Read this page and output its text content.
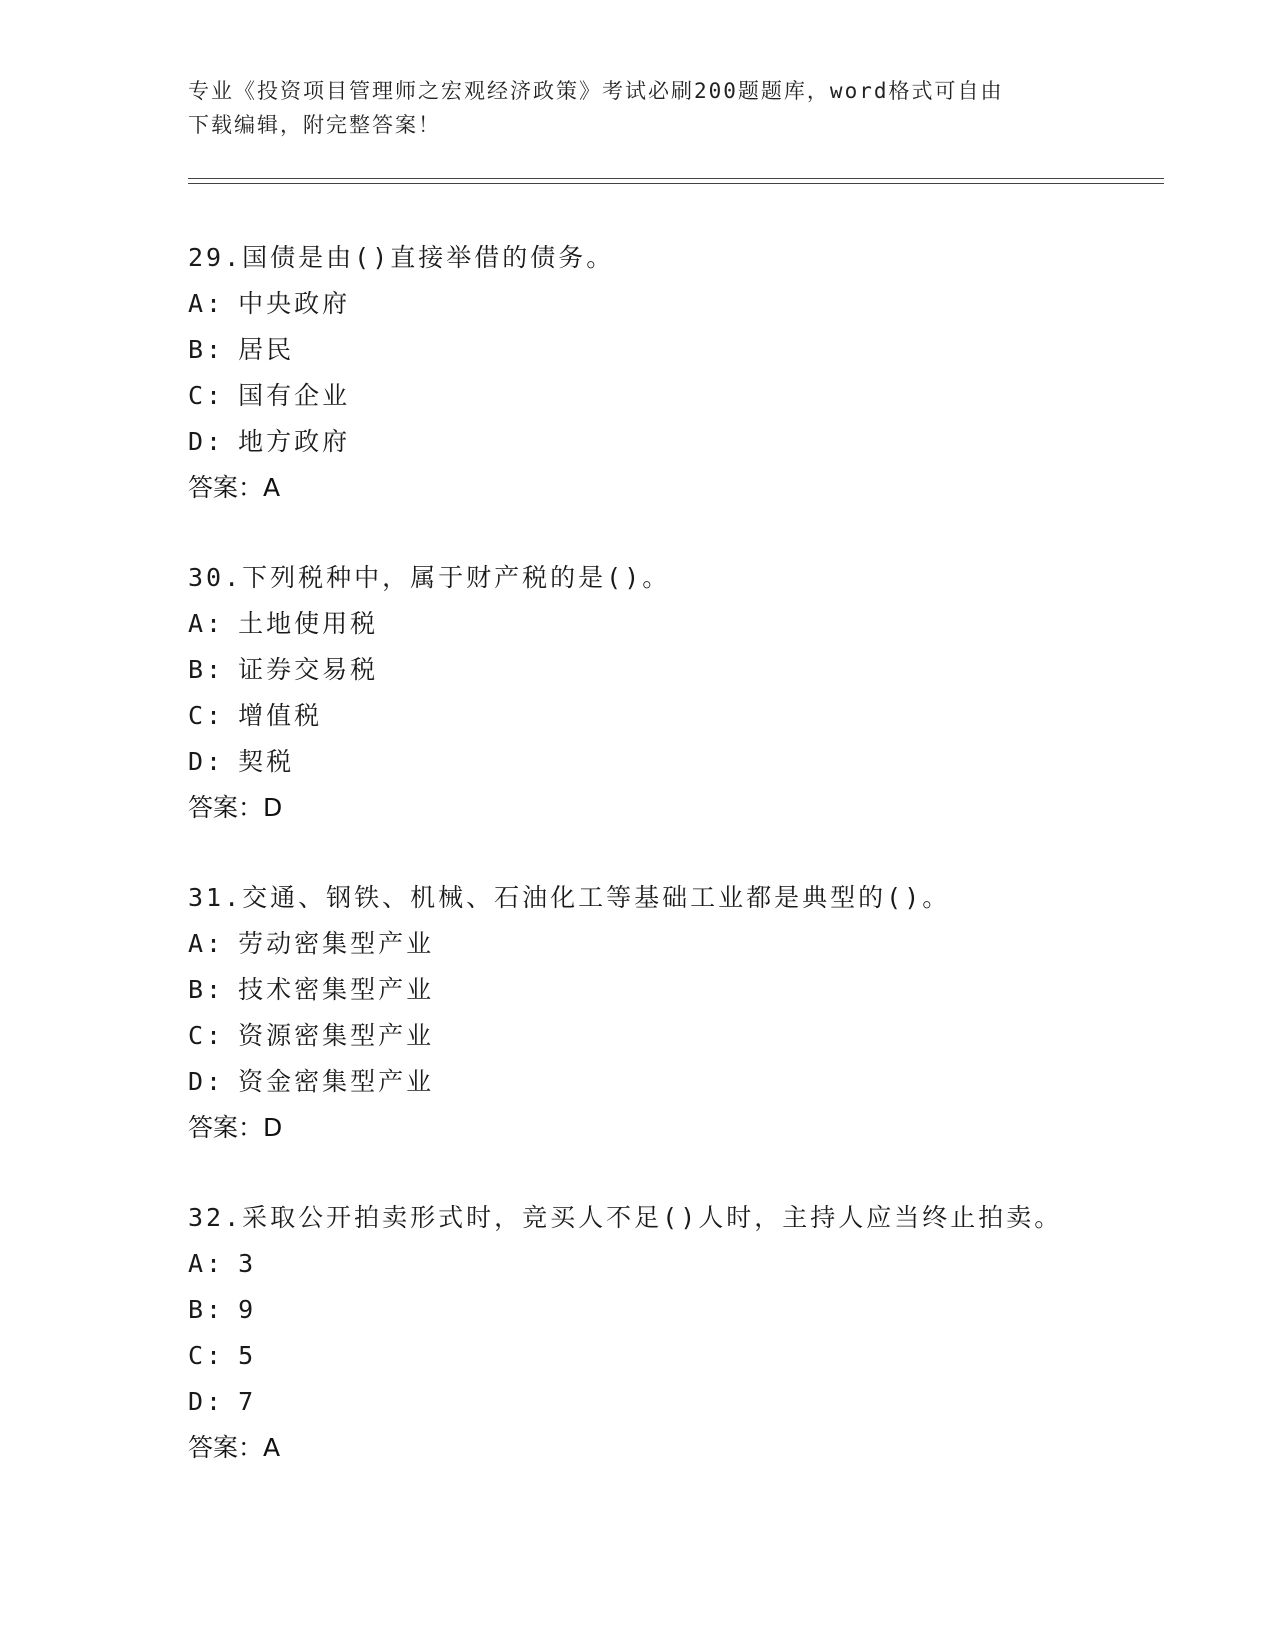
专业《投资项目管理师之宏观经济政策》考试必刷200题题库，word格式可自由
下载编辑，附完整答案！
29.国债是由()直接举借的债务。
A: 中央政府
B: 居民
C: 国有企业
D: 地方政府
答案：A
30.下列税种中，属于财产税的是()。
A: 土地使用税
B: 证券交易税
C: 增值税
D: 契税
答案：D
31.交通、钢铁、机械、石油化工等基础工业都是典型的()。
A: 劳动密集型产业
B: 技术密集型产业
C: 资源密集型产业
D: 资金密集型产业
答案：D
32.采取公开拍卖形式时，竞买人不足()人时，主持人应当终止拍卖。
A: 3
B: 9
C: 5
D: 7
答案：A
